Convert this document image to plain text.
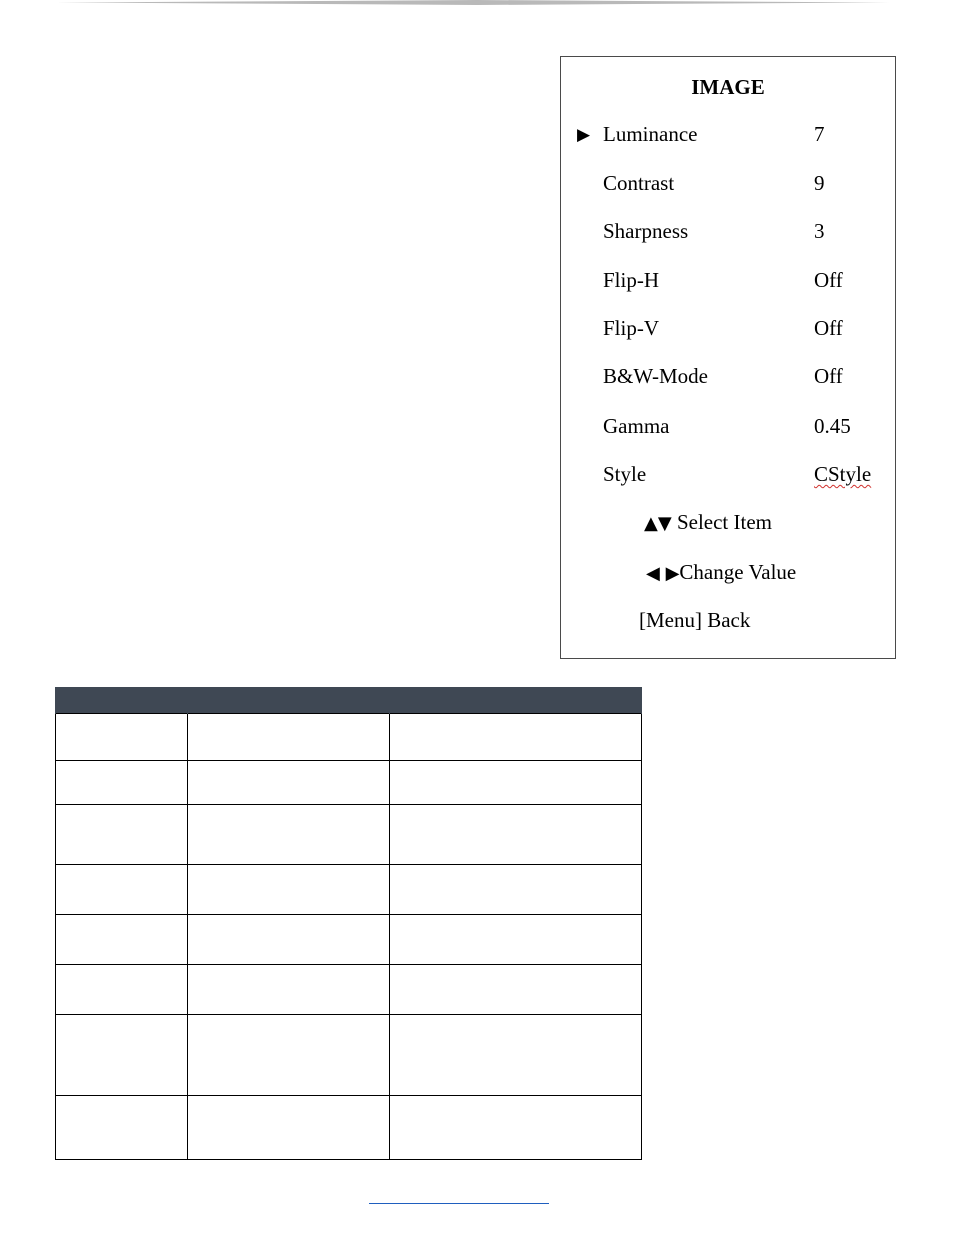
IMAGE
▶ Luminance	7
Contrast	9
Sharpness	3
Flip-H	Off
Flip-V	Off
B&W-Mode	Off
Gamma	0.45
Style	CStyle
▲▼ Select Item
◀ ▶Change Value
[Menu] Back
